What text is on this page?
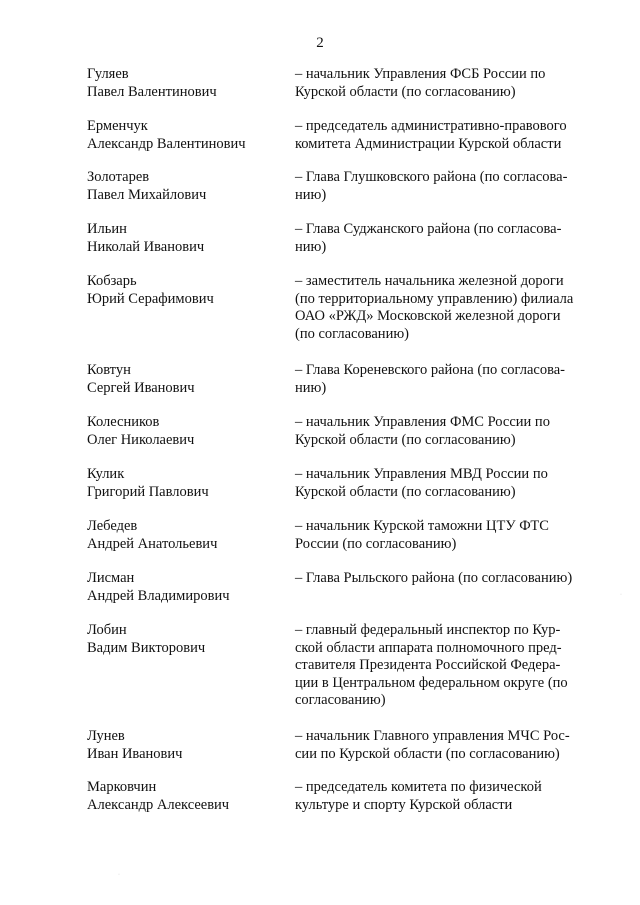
2
Гуляев
Павел Валентинович
– начальник Управления ФСБ России по
Курской области (по согласованию)
Ерменчук
Александр Валентинович
– председатель административно-правового
комитета Администрации Курской области
Золотарев
Павел Михайлович
– Глава Глушковского района (по согласова-
нию)
Ильин
Николай Иванович
– Глава Суджанского района (по согласова-
нию)
Кобзарь
Юрий Серафимович
– заместитель начальника железной дороги
(по территориальному управлению) филиала
ОАО «РЖД» Московской железной дороги
(по согласованию)
Ковтун
Сергей Иванович
– Глава Кореневского района (по согласова-
нию)
Колесников
Олег Николаевич
– начальник Управления ФМС России по
Курской области (по согласованию)
Кулик
Григорий Павлович
– начальник Управления МВД России по
Курской области (по согласованию)
Лебедев
Андрей Анатольевич
– начальник Курской таможни ЦТУ ФТС
России (по согласованию)
Лисман
Андрей Владимирович
– Глава Рыльского района (по согласованию)
Лобин
Вадим Викторович
– главный федеральный инспектор по Кур-
ской области аппарата полномочного пред-
ставителя Президента Российской Федера-
ции в Центральном федеральном округе (по
согласованию)
Лунев
Иван Иванович
– начальник Главного управления МЧС Рос-
сии по Курской области (по согласованию)
Марковчин
Александр Алексеевич
– председатель комитета по физической
культуре и спорту Курской области
·
·
